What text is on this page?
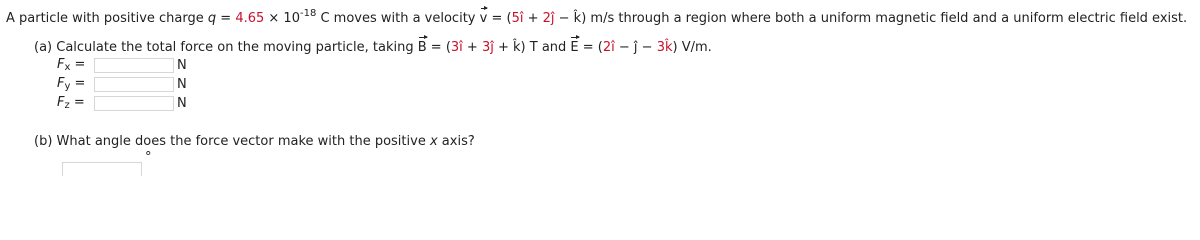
A particle with positive charge $q = 4.65 \times 10^{-18}$ C moves with a velocity v = (5î + 2ĵ − k̂) m/s through a region where both a uniform magnetic field and a uniform electric field exist.
(a) Calculate the total force on the moving particle, taking B = (3î + 3ĵ + k̂) T and E = (2î − ĵ − 3k̂) V/m.
$F_x$ =	N
$F_y$ =	N
$F_z$ =	N
(b) What angle does the force vector make with the positive x axis?
°
